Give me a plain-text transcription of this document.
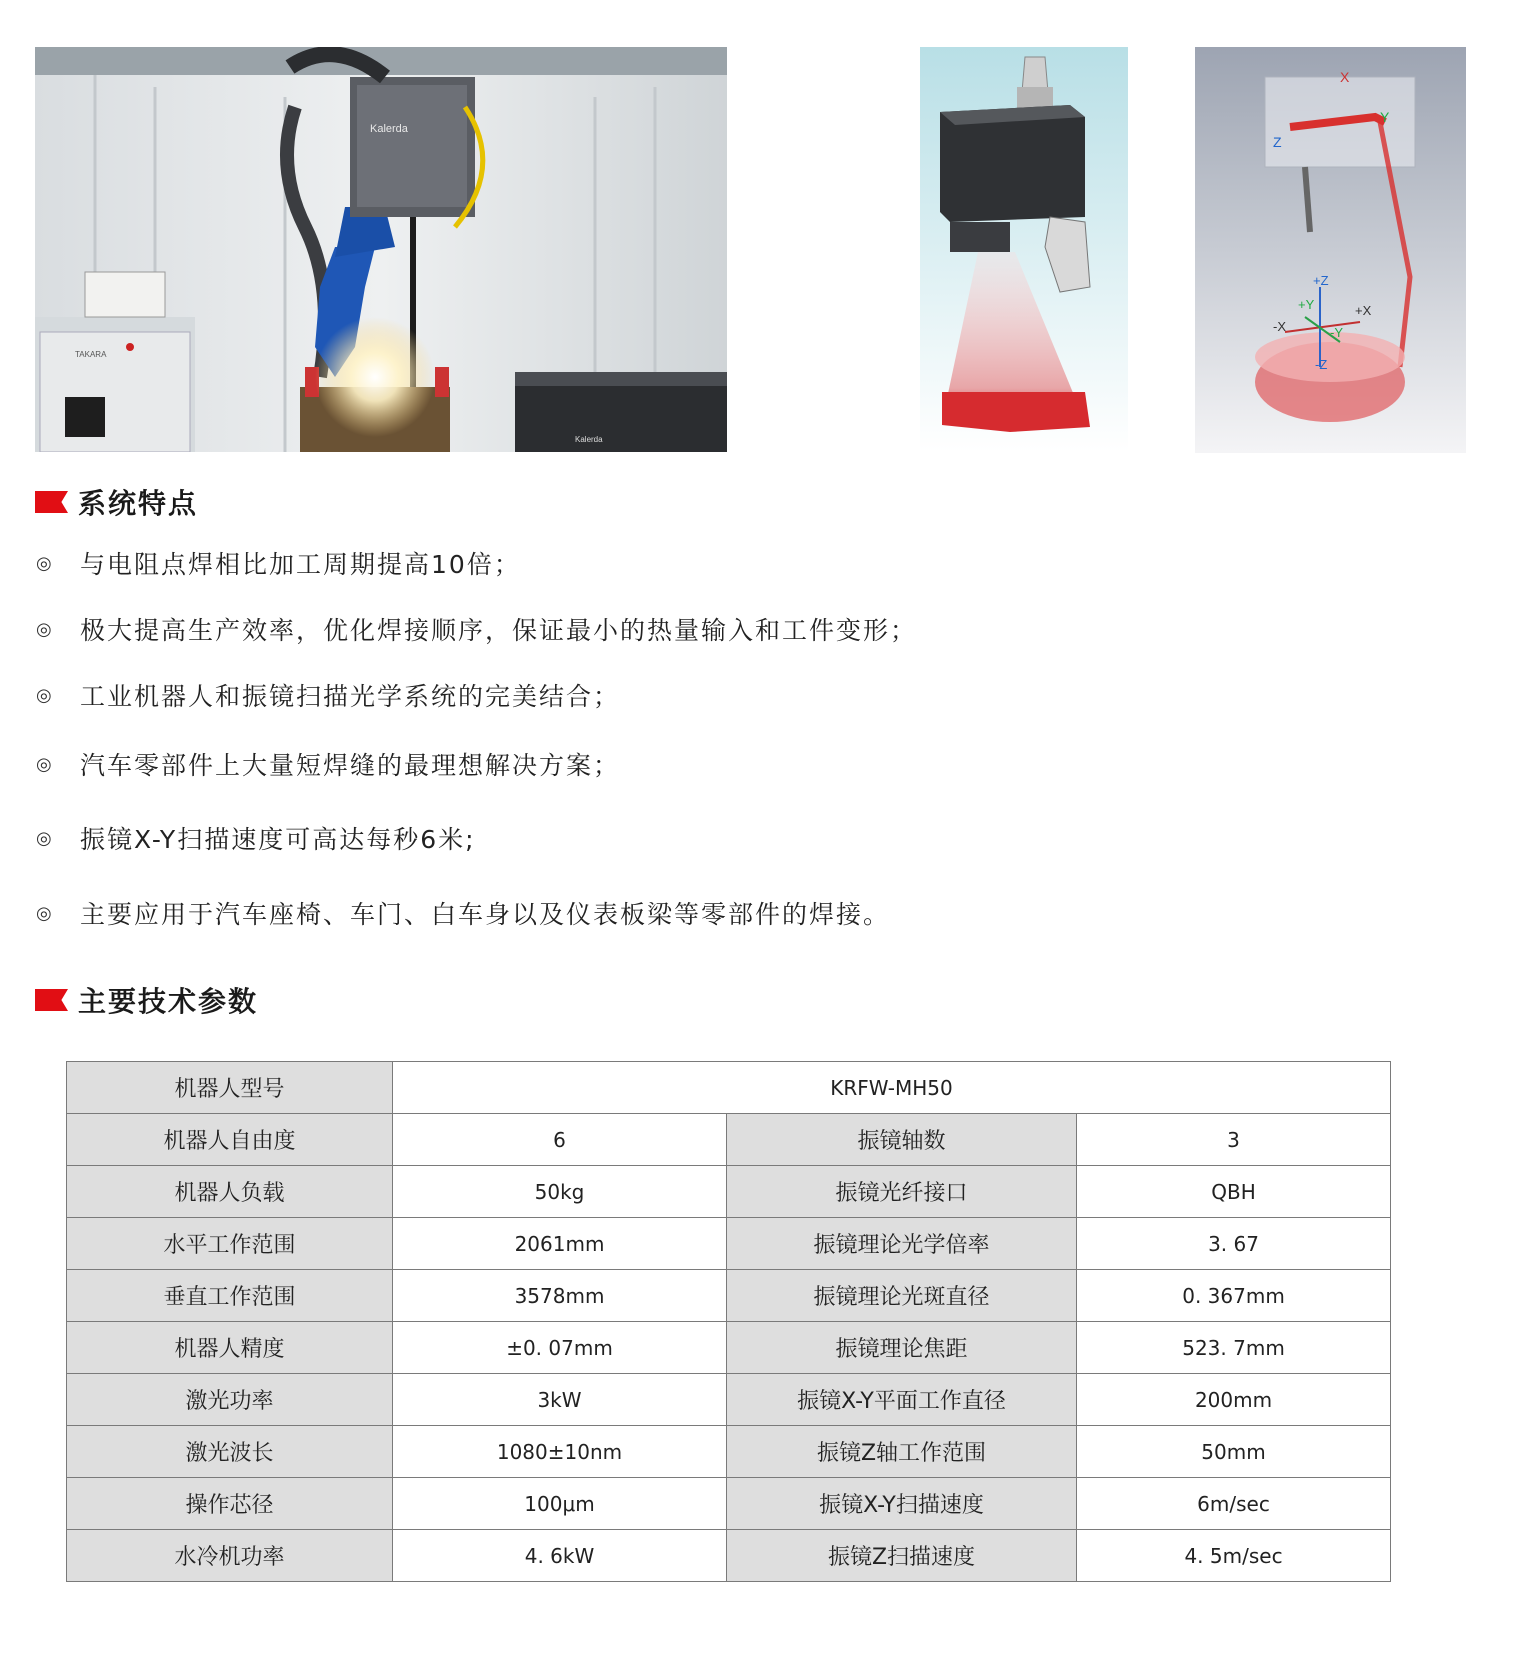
TAKARA
Kalerda
Kalerda
X
Y
Z
+Z
+Y	+X
-X	-Y
-Z
系统特点
◎	与电阻点焊相比加工周期提高10倍；
◎	极大提高生产效率，优化焊接顺序，保证最小的热量输入和工件变形；
◎	工业机器人和振镜扫描光学系统的完美结合；
◎	汽车零部件上大量短焊缝的最理想解决方案；
◎	振镜X-Y扫描速度可高达每秒6米;
◎	主要应用于汽车座椅、车门、白车身以及仪表板梁等零部件的焊接。
主要技术参数
机器人型号	KRFW-MH50		
机器人自由度	6	振镜轴数	3
机器人负载	50kg	振镜光纤接口	QBH
水平工作范围	2061mm	振镜理论光学倍率	3. 67
垂直工作范围	3578mm	振镜理论光斑直径	0. 367mm
机器人精度	±0. 07mm	振镜理论焦距	523. 7mm
激光功率	3kW	振镜X-Y平面工作直径	200mm
激光波长	1080±10nm	振镜Z轴工作范围	50mm
操作芯径	100μm	振镜X-Y扫描速度	6m/sec
水冷机功率	4. 6kW	振镜Z扫描速度	4. 5m/sec
